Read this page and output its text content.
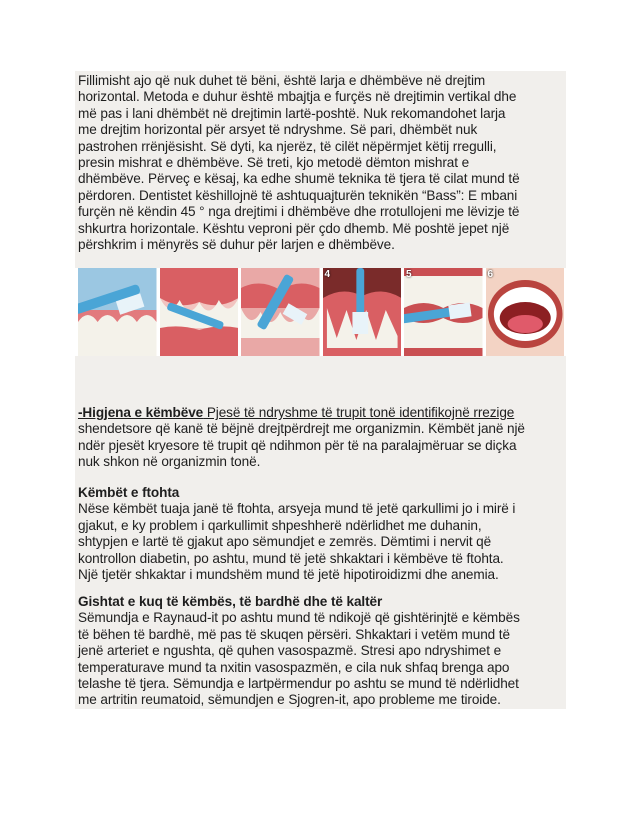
Fillimisht ajo që nuk duhet të bëni, është larja e dhëmbëve në drejtim
horizontal. Metoda e duhur është mbajtja e furçës në drejtimin vertikal dhe
më pas i lani dhëmbët në drejtimin lartë-poshtë. Nuk rekomandohet larja
me drejtim horizontal për arsyet të ndryshme. Së pari, dhëmbët nuk
pastrohen rrënjësisht. Së dyti, ka njerëz, të cilët nëpërmjet këtij rregulli,
presin mishrat e dhëmbëve. Së treti, kjo metodë dëmton mishrat e
dhëmbëve. Përveç e kësaj, ka edhe shumë teknika të tjera të cilat mund të
përdoren. Dentistet këshillojnë të ashtuquajturën teknikën “Bass”: E mbani
furçën në këndin 45 ° nga drejtimi i dhëmbëve dhe rrotullojeni me lëvizje të
shkurtra horizontale. Kështu veproni për çdo dhemb. Më poshtë jepet një
përshkrim i mënyrës së duhur për larjen e dhëmbëve.

4	5	6

-Higjena e këmbëve Pjesë të ndryshme të trupit tonë identifikojnë rrezige

shendetsore që kanë të bëjnë drejtpërdrejt me organizmin. Këmbët janë një
ndër pjesët kryesore të trupit që ndihmon për të na paralajmëruar se diçka
nuk shkon në organizmin tonë.

Këmbët e ftohta

Nëse këmbët tuaja janë të ftohta, arsyeja mund të jetë qarkullimi jo i mirë i
gjakut, e ky problem i qarkullimit shpeshherë ndërlidhet me duhanin,
shtypjen e lartë të gjakut apo sëmundjet e zemrës. Dëmtimi i nervit që
kontrollon diabetin, po ashtu, mund të jetë shkaktari i këmbëve të ftohta.
Një tjetër shkaktar i mundshëm mund të jetë hipotiroidizmi dhe anemia.

Gishtat e kuq të këmbës, të bardhë dhe të kaltër

Sëmundja e Raynaud-it po ashtu mund të ndikojë që gishtërinjtë e këmbës
të bëhen të bardhë, më pas të skuqen përsëri. Shkaktari i vetëm mund të
jenë arteriet e ngushta, që quhen vasospazmë. Stresi apo ndryshimet e
temperaturave mund ta nxitin vasospazmën, e cila nuk shfaq brenga apo
telashe të tjera. Sëmundja e lartpërmendur po ashtu se mund të ndërlidhet
me artritin reumatoid, sëmundjen e Sjogren-it, apo probleme me tiroide.
